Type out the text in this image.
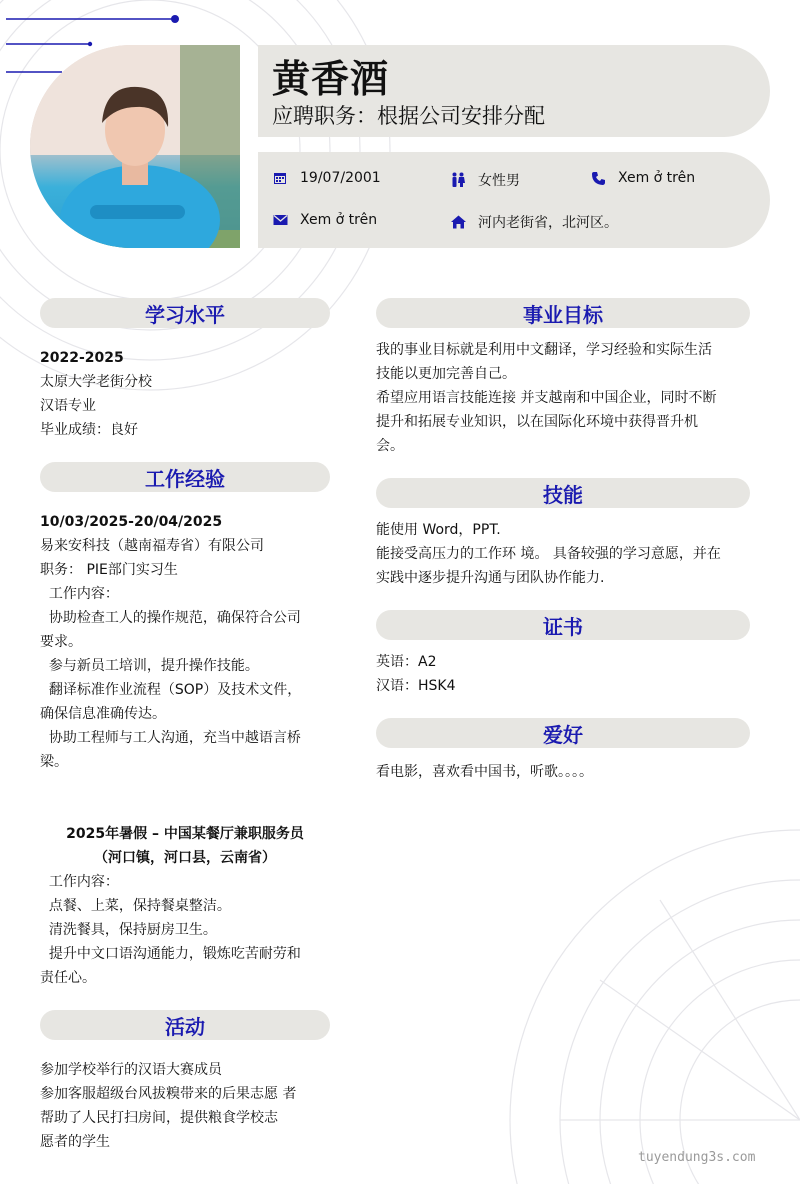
黄香酒
应聘职务：根据公司安排分配
19/07/2001	女性男	Xem ở trên
Xem ở trên	河内老街省，北河区。
学习水平
2022-2025
太原大学老街分校
汉语专业
毕业成绩：良好
工作经验
10/03/2025-20/04/2025
易来安科技（越南福寿省）有限公司
职务： PIE部门实习生
工作内容：
协助检查工人的操作规范，确保符合公司
要求。
参与新员工培训，提升操作技能。
翻译标准作业流程（SOP）及技术文件，
确保信息准确传达。
协助工程师与工人沟通，充当中越语言桥
梁。
2025年暑假 – 中国某餐厅兼职服务员
（河口镇，河口县，云南省）
工作内容：
点餐、上菜，保持餐桌整洁。
清洗餐具，保持厨房卫生。
提升中文口语沟通能力，锻炼吃苦耐劳和
责任心。
活动
参加学校举行的汉语大赛成员
参加客服超级台风拔糗带来的后果志愿 者
帮助了人民打扫房间，提供粮食学校志
愿者的学生
事业目标
我的事业目标就是利用中文翻译，学习经验和实际生活
技能以更加完善自己。
希望应用语言技能连接 并支越南和中国企业，同时不断
提升和拓展专业知识，以在国际化环境中获得晋升机
会。
技能
能使用 Word，PPT.
能接受高压力的工作环 境。 具备较强的学习意愿，并在
实践中逐步提升沟通与团队协作能力.
证书
英语：A2
汉语：HSK4
爱好
看电影，喜欢看中国书，听歌。。。。
tuyendung3s.com
